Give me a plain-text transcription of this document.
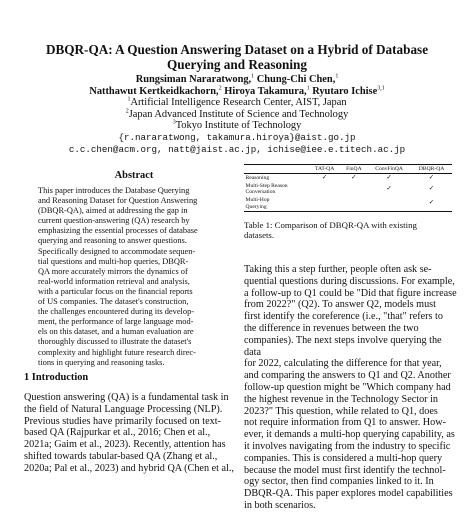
DBQR-QA: A Question Answering Dataset on a Hybrid of Database Querying and Reasoning
Rungsiman Nararatwong,$^1$ Chung-Chi Chen,$^1$
Natthawut Kertkeidkachorn,$^2$ Hiroya Takamura,$^1$ Ryutaro Ichise$^{3,1}$
$^1$Artificial Intelligence Research Center, AIST, Japan
$^2$Japan Advanced Institute of Science and Technology
$^3$Tokyo Institute of Technology
{r.nararatwong, takamura.hiroya}@aist.go.jp
c.c.chen@acm.org, natt@jaist.ac.jp, ichise@iee.e.titech.ac.jp
Abstract
This paper introduces the Database Querying
and Reasoning Dataset for Question Answering
(DBQR-QA), aimed at addressing the gap in
current question-answering (QA) research by
emphasizing the essential processes of database
querying and reasoning to answer questions.
Specifically designed to accommodate sequen-
tial questions and multi-hop queries, DBQR-
QA more accurately mirrors the dynamics of
real-world information retrieval and analysis,
with a particular focus on the financial reports
of US companies. The dataset's construction,
the challenges encountered during its develop-
ment, the performance of large language mod-
els on this dataset, and a human evaluation are
thoroughly discussed to illustrate the dataset's
complexity and highlight future research direc-
tions in querying and reasoning tasks.
1 Introduction
Question answering (QA) is a fundamental task in
the field of Natural Language Processing (NLP).
Previous studies have primarily focused on text-
based QA (Rajpurkar et al., 2016; Chen et al.,
2021a; Gaim et al., 2023). Recently, attention has
shifted towards tabular-based QA (Zhang et al.,
2020a; Pal et al., 2023) and hybrid QA (Chen et al.,
	TAT-QA	FinQA	ConvFinQA	DBQR-QA
Reasoning	✓	✓	✓	✓
Multi-Step Reason
Conversation			✓	✓
Multi-Hop
Querying				✓
Table 1: Comparison of DBQR-QA with existing
datasets.
Taking this a step further, people often ask se-
quential questions during discussions. For example,
a follow-up to Q1 could be "Did that figure increase
from 2022?" (Q2). To answer Q2, models must
first identify the coreference (i.e., "that" refers to
the difference in revenues between the two
companies). The next steps involve querying the data
for 2022, calculating the difference for that year,
and comparing the answers to Q1 and Q2. Another
follow-up question might be "Which company had
the highest revenue in the Technology Sector in
2023?" This question, while related to Q1, does
not require information from Q1 to answer. How-
ever, it demands a multi-hop querying capability, as
it involves navigating from the industry to specific
companies. This is considered a multi-hop query
because the model must first identify the technol-
ogy sector, then find companies linked to it. In
DBQR-QA. This paper explores model capabilities
in both scenarios.
